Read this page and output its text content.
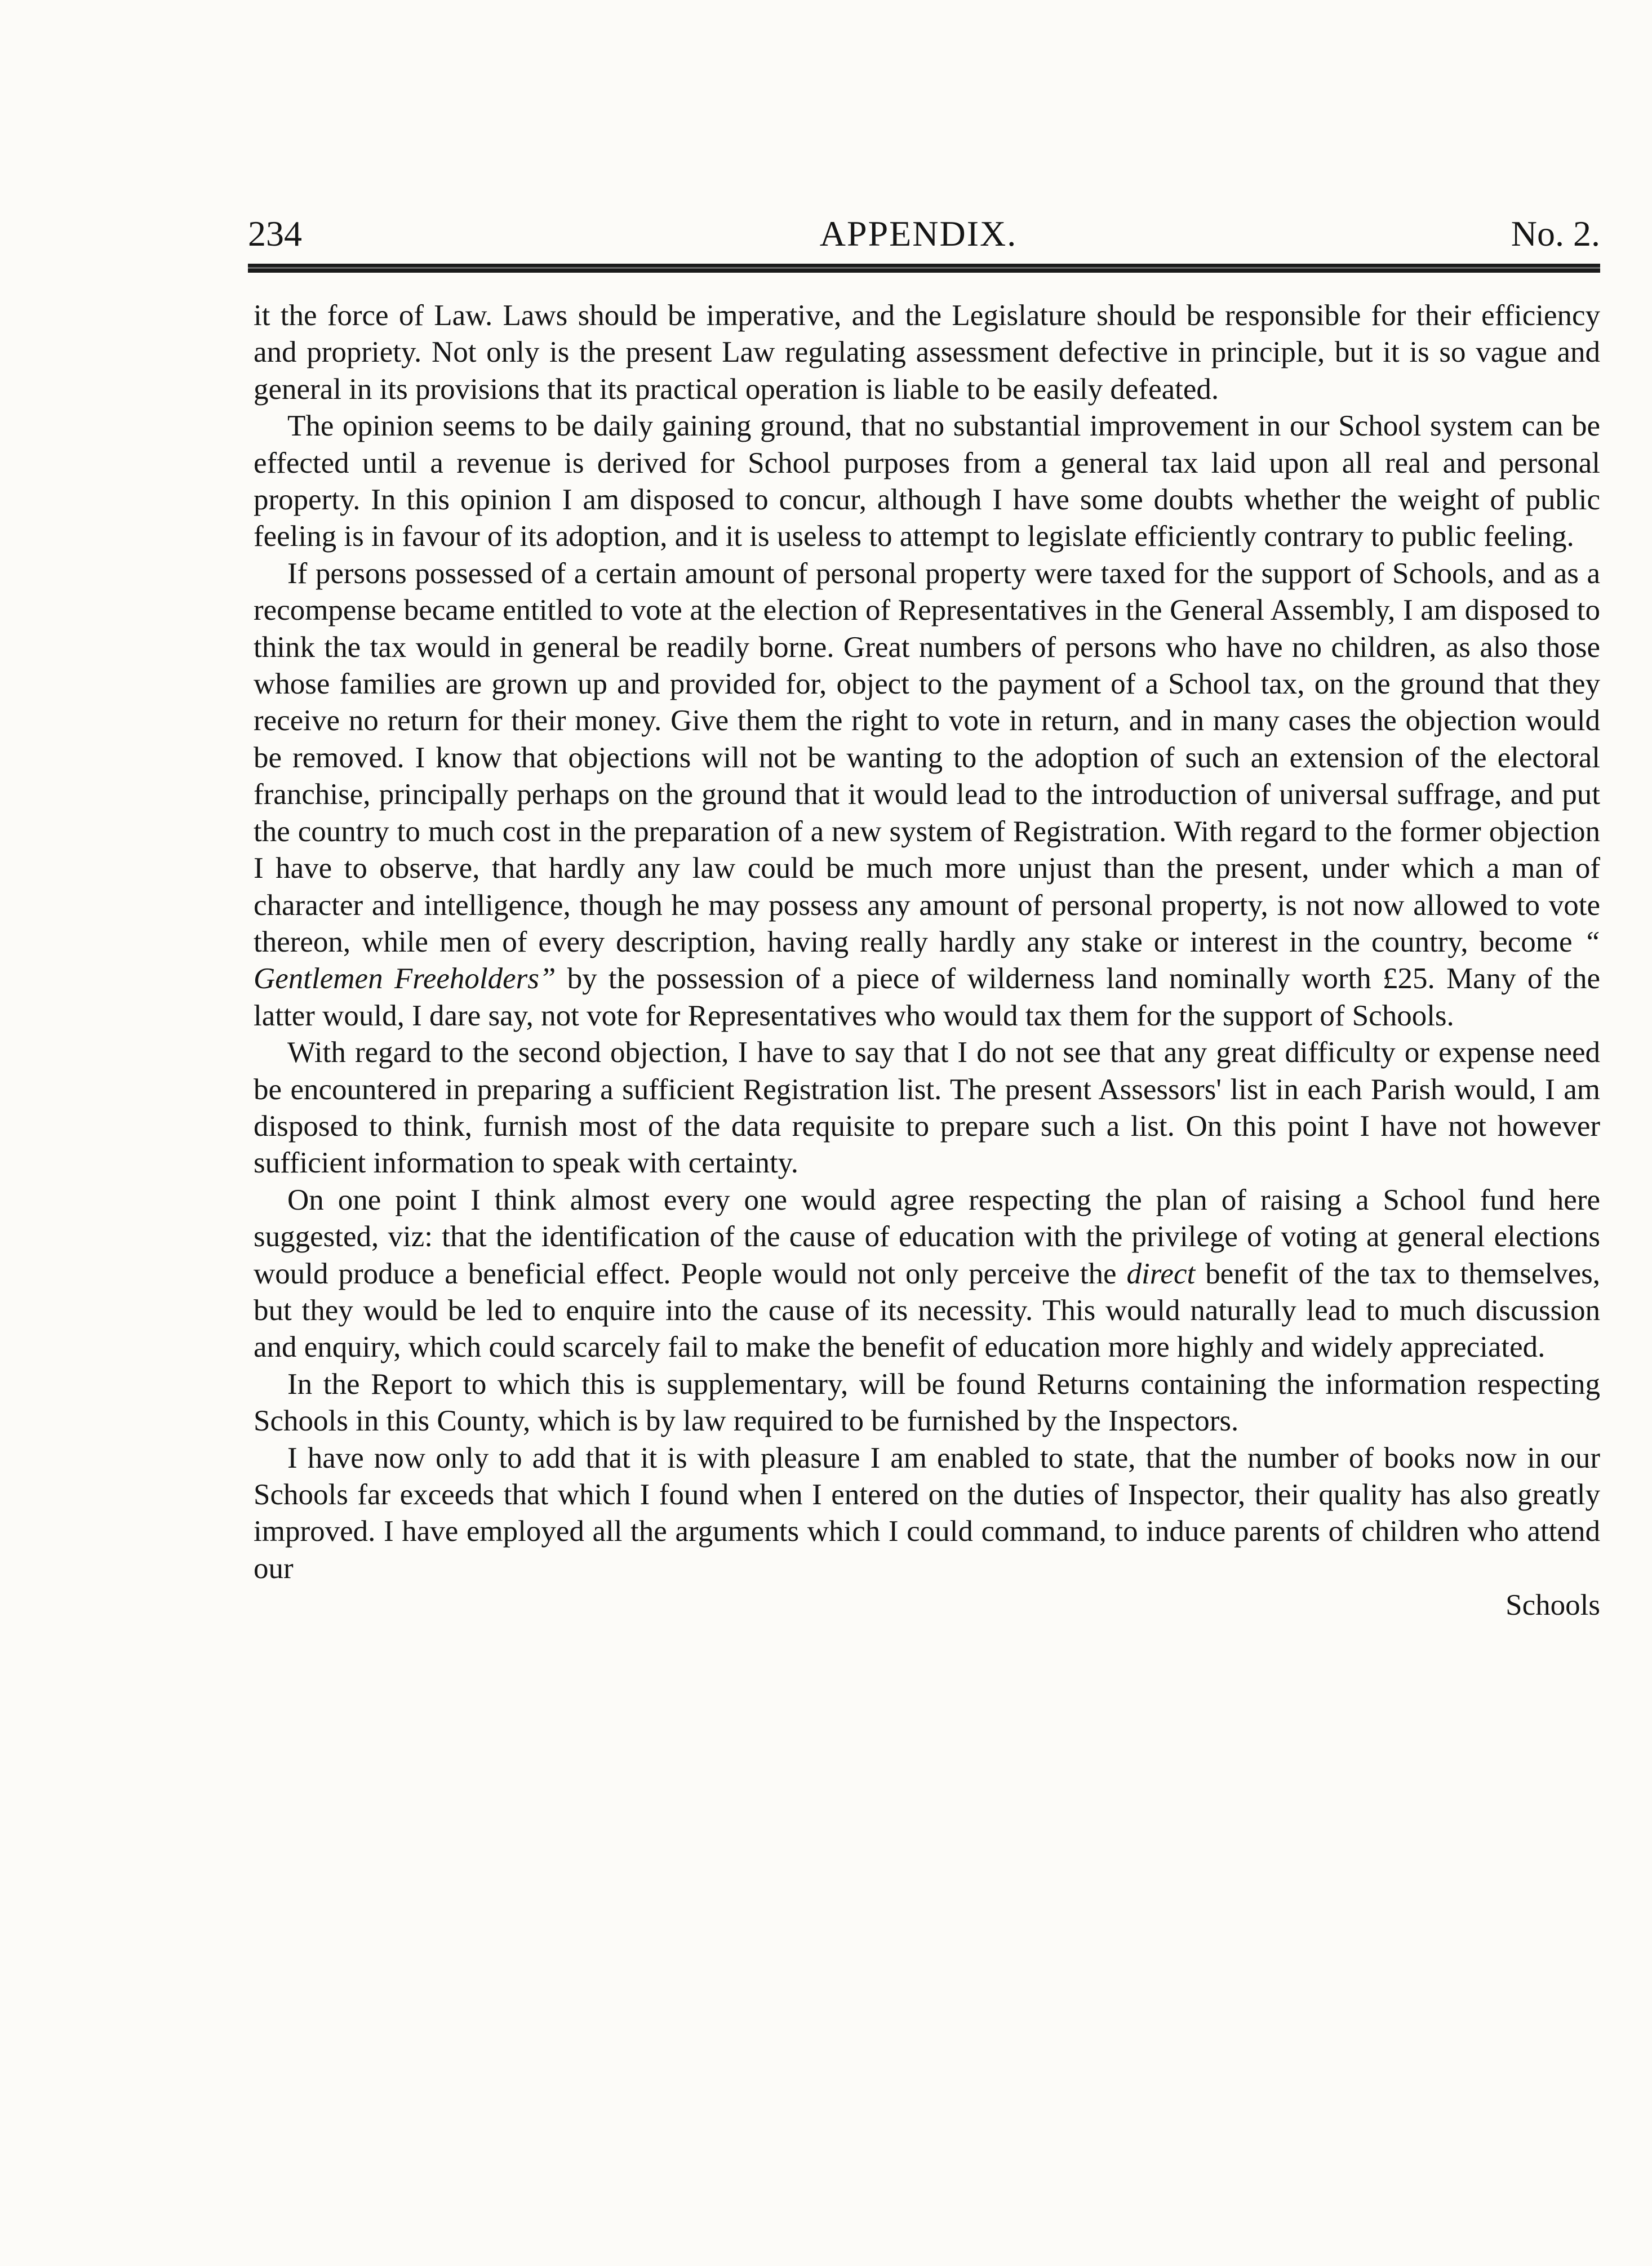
234	APPENDIX.	No. 2.

it the force of Law. Laws should be imperative, and the Legislature should be responsible for their efficiency and propriety. Not only is the present Law regulating assessment defective in principle, but it is so vague and general in its provisions that its practical operation is liable to be easily defeated.

The opinion seems to be daily gaining ground, that no substantial improvement in our School system can be effected until a revenue is derived for School purposes from a general tax laid upon all real and personal property. In this opinion I am disposed to concur, although I have some doubts whether the weight of public feeling is in favour of its adoption, and it is useless to attempt to legislate efficiently contrary to public feeling.

If persons possessed of a certain amount of personal property were taxed for the support of Schools, and as a recompense became entitled to vote at the election of Representatives in the General Assembly, I am disposed to think the tax would in general be readily borne. Great numbers of persons who have no children, as also those whose families are grown up and provided for, object to the payment of a School tax, on the ground that they receive no return for their money. Give them the right to vote in return, and in many cases the objection would be removed. I know that objections will not be wanting to the adoption of such an extension of the electoral franchise, principally perhaps on the ground that it would lead to the introduction of universal suffrage, and put the country to much cost in the preparation of a new system of Registration. With regard to the former objection I have to observe, that hardly any law could be much more unjust than the present, under which a man of character and intelligence, though he may possess any amount of personal property, is not now allowed to vote thereon, while men of every description, having really hardly any stake or interest in the country, become “ Gentlemen Freeholders” by the possession of a piece of wilderness land nominally worth £25. Many of the latter would, I dare say, not vote for Representatives who would tax them for the support of Schools.

With regard to the second objection, I have to say that I do not see that any great difficulty or expense need be encountered in preparing a sufficient Registration list. The present Assessors' list in each Parish would, I am disposed to think, furnish most of the data requisite to prepare such a list. On this point I have not however sufficient information to speak with certainty.

On one point I think almost every one would agree respecting the plan of raising a School fund here suggested, viz: that the identification of the cause of education with the privilege of voting at general elections would produce a beneficial effect. People would not only perceive the direct benefit of the tax to themselves, but they would be led to enquire into the cause of its necessity. This would naturally lead to much discussion and enquiry, which could scarcely fail to make the benefit of education more highly and widely appreciated.

In the Report to which this is supplementary, will be found Returns containing the information respecting Schools in this County, which is by law required to be furnished by the Inspectors.

I have now only to add that it is with pleasure I am enabled to state, that the number of books now in our Schools far exceeds that which I found when I entered on the duties of Inspector, their quality has also greatly improved. I have employed all the arguments which I could command, to induce parents of children who attend our

Schools
